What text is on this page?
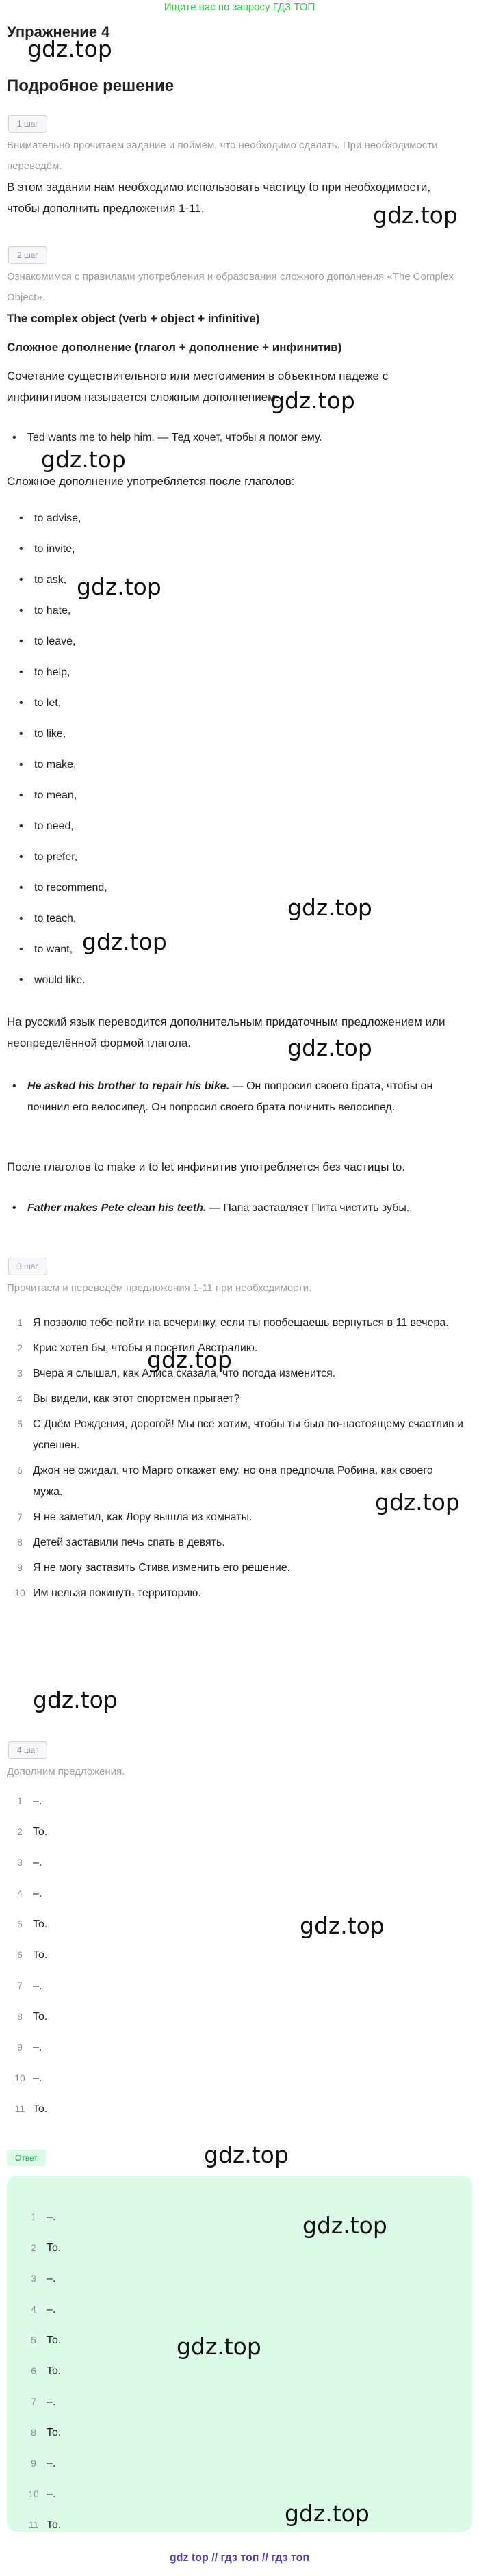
Ищите нас по запросу ГДЗ ТОП
Упражнение 4
gdz.top
Подробное решение
1 шаг
Внимательно прочитаем задание и поймём, что необходимо сделать. При необходимости переведём.
В этом задании нам необходимо использовать частицу to при необходимости, чтобы дополнить предложения 1-11.	gdz.top
2 шаг
Ознакомимся с правилами употребления и образования сложного дополнения «The Complex Object».
The complex object (verb + object + infinitive)
Сложное дополнение (глагол + дополнение + инфинитив)
Сочетание существительного или местоимения в объектном падеже с инфинитивом называется сложным дополнением.
gdz.top
• Ted wants me to help him. — Тед хочет, чтобы я помог ему.
gdz.top
Сложное дополнение употребляется после глаголов:
• to advise,
• to invite,
• to ask,
• to hate,
• to leave,
• to help,
• to let,
• to like,
• to make,
• to mean,
• to need,
• to prefer,
• to recommend,
• to teach,
• to want,
• would like.
gdz.top
gdz.top
gdz.top
На русский язык переводится дополнительным придаточным предложением или неопределённой формой глагола.	gdz.top
• He asked his brother to repair his bike. — Он попросил своего брата, чтобы он починил его велосипед. Он попросил своего брата починить велосипед.
После глаголов to make и to let инфинитив употребляется без частицы to.
• Father makes Pete clean his teeth. — Папа заставляет Пита чистить зубы.
3 шаг
Прочитаем и переведём предложения 1-11 при необходимости.
1 Я позволю тебе пойти на вечеринку, если ты пообещаешь вернуться в 11 вечера.
2 Крис хотел бы, чтобы я посетил Австралию.
3 Вчера я слышал, как Алиса сказала, что погода изменится.
4 Вы видели, как этот спортсмен прыгает?
5 С Днём Рождения, дорогой! Мы все хотим, чтобы ты был по-настоящему счастлив и успешен.
6 Джон не ожидал, что Марго откажет ему, но она предпочла Робина, как своего мужа.
7 Я не заметил, как Лору вышла из комнаты.
8 Детей заставили печь спать в девять.
9 Я не могу заставить Стива изменить его решение.
10 Им нельзя покинуть территорию.
gdz.top
gdz.top
gdz.top
4 шаг
Дополним предложения.
1 –.
2 To.
3 –.
4 –.
5 To.
6 To.
7 –.
8 To.
9 –.
10 –.
11 To.
gdz.top
gdz.top
Ответ
1 –.
2 To.
3 –.
4 –.
5 To.
6 To.
7 –.
8 To.
9 –.
10 –.
11 To.
gdz.top
gdz.top
gdz.top
gdz top // гдз топ // гдз топ
